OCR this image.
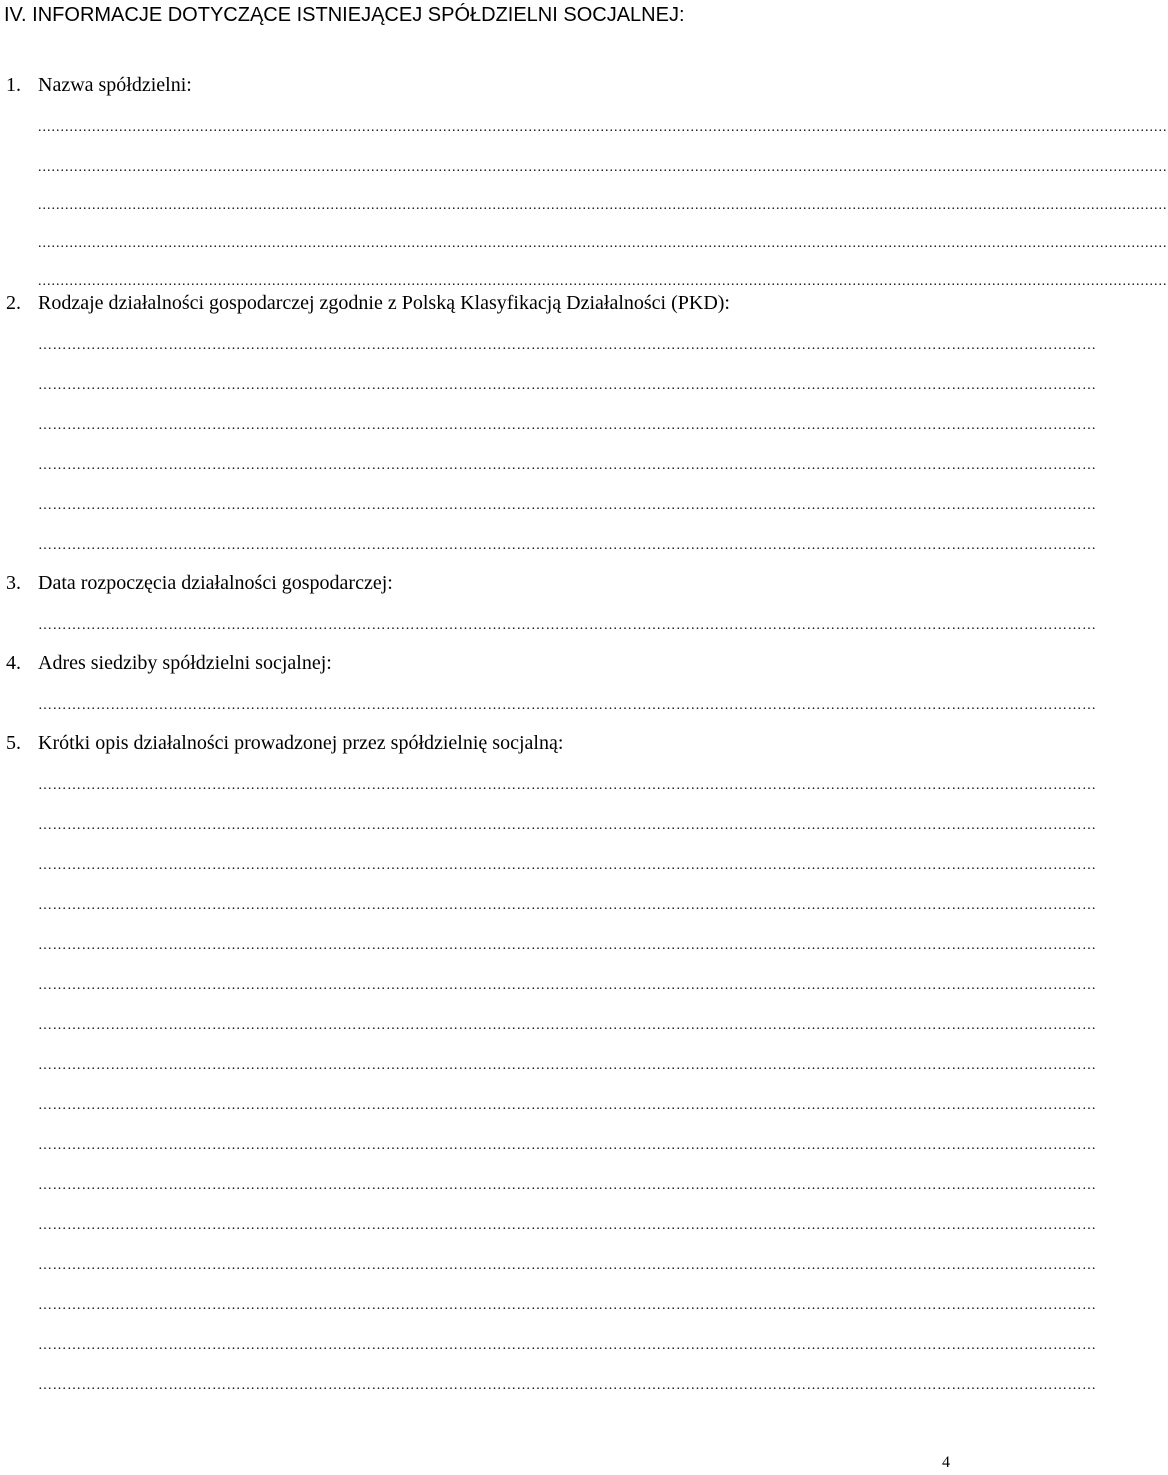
IV. INFORMACJE DOTYCZĄCE ISTNIEJĄCEJ SPÓŁDZIELNI SOCJALNEJ:
1. Nazwa spółdzielni:
...........................................................................................................................................................................................................................................................
...........................................................................................................................................................................................................................................................
...........................................................................................................................................................................................................................................................
...........................................................................................................................................................................................................................................................
...........................................................................................................................................................................................................................................................
2. Rodzaje działalności gospodarczej zgodnie z Polską Klasyfikacją Działalności (PKD):
…………………………………………………………………………………………………………………………………………………………………………………………………
…………………………………………………………………………………………………………………………………………………………………………………………………
…………………………………………………………………………………………………………………………………………………………………………………………………
…………………………………………………………………………………………………………………………………………………………………………………………………
…………………………………………………………………………………………………………………………………………………………………………………………………
…………………………………………………………………………………………………………………………………………………………………………………………………
3. Data rozpoczęcia działalności gospodarczej:
…………………………………………………………………………………………………………………………………………………………………………………………………
4. Adres siedziby spółdzielni socjalnej:
…………………………………………………………………………………………………………………………………………………………………………………………………
5. Krótki opis działalności prowadzonej przez spółdzielnię socjalną:
…………………………………………………………………………………………………………………………………………………………………………………………………
…………………………………………………………………………………………………………………………………………………………………………………………………
…………………………………………………………………………………………………………………………………………………………………………………………………
…………………………………………………………………………………………………………………………………………………………………………………………………
…………………………………………………………………………………………………………………………………………………………………………………………………
…………………………………………………………………………………………………………………………………………………………………………………………………
…………………………………………………………………………………………………………………………………………………………………………………………………
…………………………………………………………………………………………………………………………………………………………………………………………………
…………………………………………………………………………………………………………………………………………………………………………………………………
…………………………………………………………………………………………………………………………………………………………………………………………………
…………………………………………………………………………………………………………………………………………………………………………………………………
…………………………………………………………………………………………………………………………………………………………………………………………………
…………………………………………………………………………………………………………………………………………………………………………………………………
…………………………………………………………………………………………………………………………………………………………………………………………………
…………………………………………………………………………………………………………………………………………………………………………………………………
…………………………………………………………………………………………………………………………………………………………………………………………………
4
